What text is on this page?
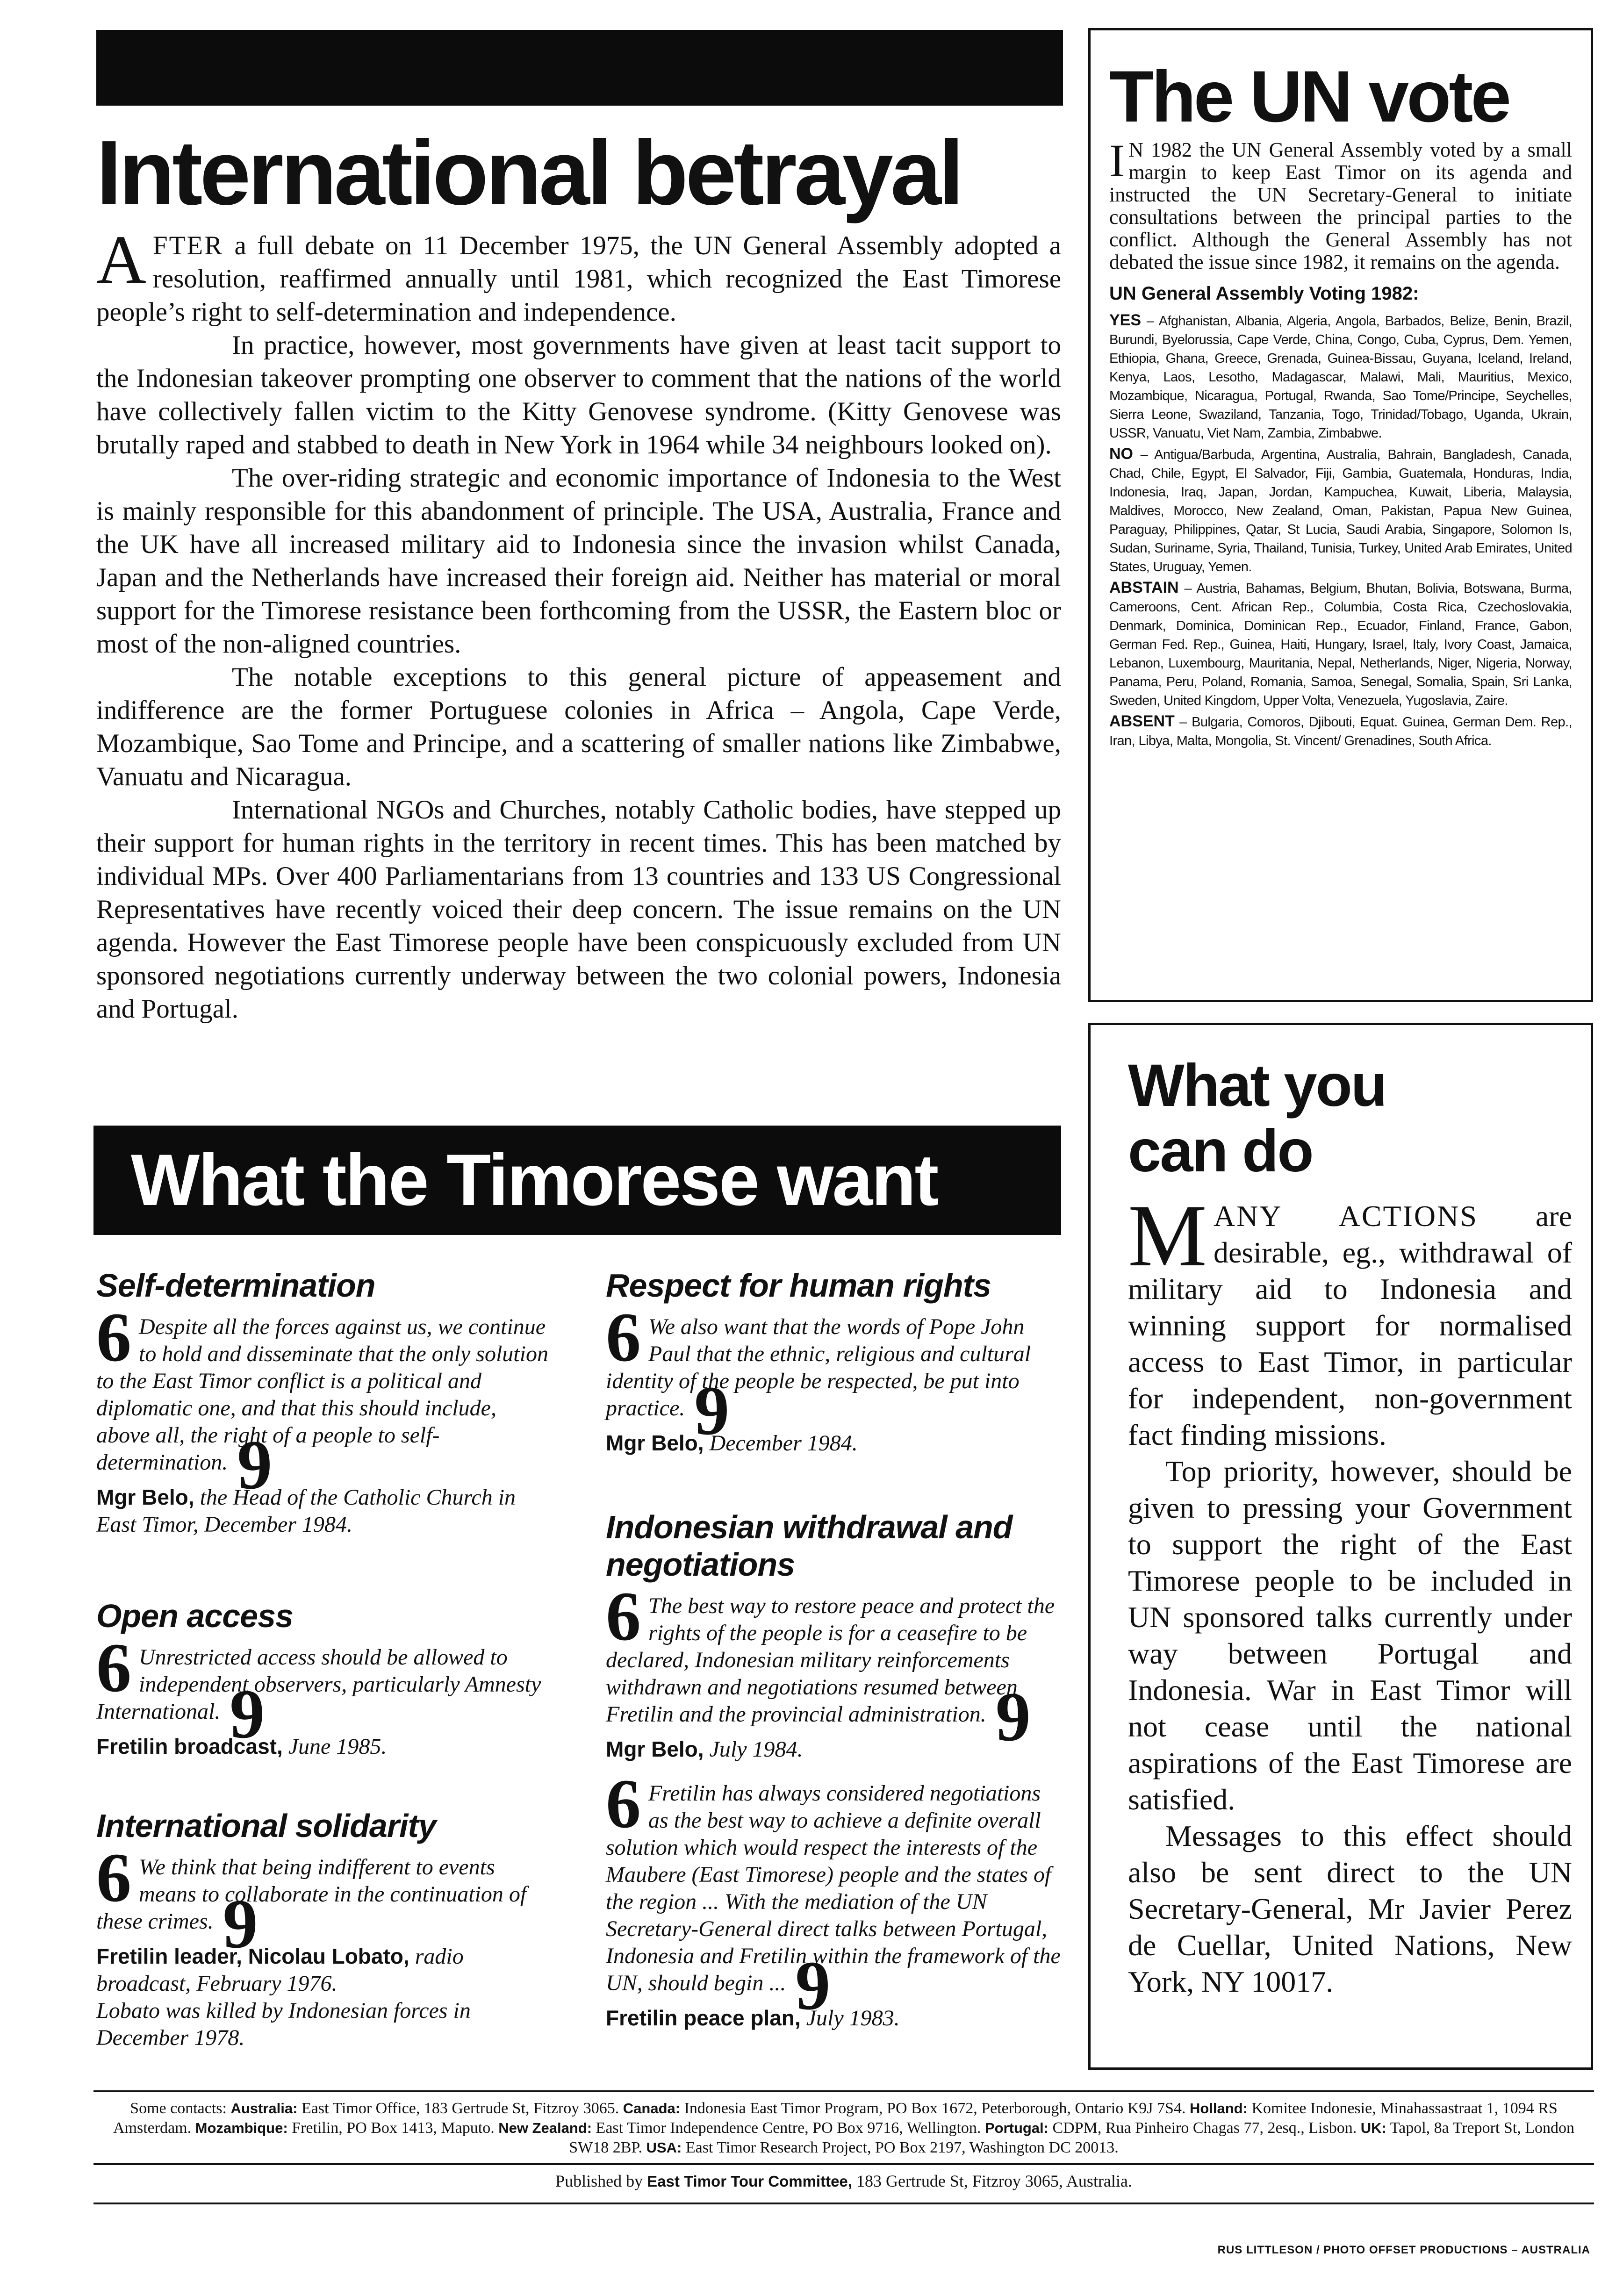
International betrayal

AFTER a full debate on 11 December 1975, the UN General Assembly adopted a resolution, reaffirmed annually until 1981, which recognized the East Timorese people’s right to self-determination and independence.

In practice, however, most governments have given at least tacit support to the Indonesian takeover prompting one observer to comment that the nations of the world have collectively fallen victim to the Kitty Genovese syndrome. (Kitty Genovese was brutally raped and stabbed to death in New York in 1964 while 34 neighbours looked on).

The over-riding strategic and economic importance of Indonesia to the West is mainly responsible for this abandonment of principle. The USA, Australia, France and the UK have all increased military aid to Indonesia since the invasion whilst Canada, Japan and the Netherlands have increased their foreign aid. Neither has material or moral support for the Timorese resistance been forthcoming from the USSR, the Eastern bloc or most of the non-aligned countries.

The notable exceptions to this general picture of appeasement and indifference are the former Portuguese colonies in Africa – Angola, Cape Verde, Mozambique, Sao Tome and Principe, and a scattering of smaller nations like Zimbabwe, Vanuatu and Nicaragua.

International NGOs and Churches, notably Catholic bodies, have stepped up their support for human rights in the territory in recent times. This has been matched by individual MPs. Over 400 Parliamentarians from 13 countries and 133 US Congressional Representatives have recently voiced their deep concern. The issue remains on the UN agenda. However the East Timorese people have been conspicuously excluded from UN sponsored negotiations currently underway between the two colonial powers, Indonesia and Portugal.

What the Timorese want
Self-determination

6 Despite all the forces against us, we continue to hold and disseminate that the only solution to the East Timor conflict is a political and diplomatic one, and that this should include, above all, the right of a people to self-determination. 9

Mgr Belo, the Head of the Catholic Church in East Timor, December 1984.

Open access

6 Unrestricted access should be allowed to independent observers, particularly Amnesty International. 9

Fretilin broadcast, June 1985.

International solidarity

6 We think that being indifferent to events means to collaborate in the continuation of these crimes. 9

Fretilin leader, Nicolau Lobato, radio broadcast, February 1976.

Lobato was killed by Indonesian forces in December 1978.

Respect for human rights

6 We also want that the words of Pope John Paul that the ethnic, religious and cultural identity of the people be respected, be put into practice. 9

Mgr Belo, December 1984.

Indonesian withdrawal and negotiations

6 The best way to restore peace and protect the rights of the people is for a ceasefire to be declared, Indonesian military reinforcements withdrawn and negotiations resumed between Fretilin and the provincial administration. 9

Mgr Belo, July 1984.

6 Fretilin has always considered negotiations as the best way to achieve a definite overall solution which would respect the interests of the Maubere (East Timorese) people and the states of the region ... With the mediation of the UN Secretary-General direct talks between Portugal, Indonesia and Fretilin within the framework of the UN, should begin ... 9

Fretilin peace plan, July 1983.

The UN vote

I N 1982 the UN General Assembly voted by a small margin to keep East Timor on its agenda and instructed the UN Secretary-General to initiate consultations between the principal parties to the conflict. Although the General Assembly has not debated the issue since 1982, it remains on the agenda.

UN General Assembly Voting 1982:

YES – Afghanistan, Albania, Algeria, Angola, Barbados, Belize, Benin, Brazil, Burundi, Byelorussia, Cape Verde, China, Congo, Cuba, Cyprus, Dem. Yemen, Ethiopia, Ghana, Greece, Grenada, Guinea-Bissau, Guyana, Iceland, Ireland, Kenya, Laos, Lesotho, Madagascar, Malawi, Mali, Mauritius, Mexico, Mozambique, Nicaragua, Portugal, Rwanda, Sao Tome/Principe, Seychelles, Sierra Leone, Swaziland, Tanzania, Togo, Trinidad/Tobago, Uganda, Ukrain, USSR, Vanuatu, Viet Nam, Zambia, Zimbabwe.

NO – Antigua/Barbuda, Argentina, Australia, Bahrain, Bangladesh, Canada, Chad, Chile, Egypt, El Salvador, Fiji, Gambia, Guatemala, Honduras, India, Indonesia, Iraq, Japan, Jordan, Kampuchea, Kuwait, Liberia, Malaysia, Maldives, Morocco, New Zealand, Oman, Pakistan, Papua New Guinea, Paraguay, Philippines, Qatar, St Lucia, Saudi Arabia, Singapore, Solomon Is, Sudan, Suriname, Syria, Thailand, Tunisia, Turkey, United Arab Emirates, United States, Uruguay, Yemen.

ABSTAIN – Austria, Bahamas, Belgium, Bhutan, Bolivia, Botswana, Burma, Cameroons, Cent. African Rep., Columbia, Costa Rica, Czechoslovakia, Denmark, Dominica, Dominican Rep., Ecuador, Finland, France, Gabon, German Fed. Rep., Guinea, Haiti, Hungary, Israel, Italy, Ivory Coast, Jamaica, Lebanon, Luxembourg, Mauritania, Nepal, Netherlands, Niger, Nigeria, Norway, Panama, Peru, Poland, Romania, Samoa, Senegal, Somalia, Spain, Sri Lanka, Sweden, United Kingdom, Upper Volta, Venezuela, Yugoslavia, Zaire.

ABSENT – Bulgaria, Comoros, Djibouti, Equat. Guinea, German Dem. Rep., Iran, Libya, Malta, Mongolia, St. Vincent/ Grenadines, South Africa.

What you can do

MANY ACTIONS are desirable, eg., withdrawal of military aid to Indonesia and winning support for normalised access to East Timor, in particular for independent, non-government fact finding missions.

Top priority, however, should be given to pressing your Government to support the right of the East Timorese people to be included in UN sponsored talks currently under way between Portugal and Indonesia. War in East Timor will not cease until the national aspirations of the East Timorese are satisfied.

Messages to this effect should also be sent direct to the UN Secretary-General, Mr Javier Perez de Cuellar, United Nations, New York, NY 10017.

Some contacts: Australia: East Timor Office, 183 Gertrude St, Fitzroy 3065. Canada: Indonesia East Timor Program, PO Box 1672, Peterborough, Ontario K9J 7S4. Holland: Komitee Indonesie, Minahassastraat 1, 1094 RS Amsterdam. Mozambique: Fretilin, PO Box 1413, Maputo. New Zealand: East Timor Independence Centre, PO Box 9716, Wellington. Portugal: CDPM, Rua Pinheiro Chagas 77, 2esq., Lisbon. UK: Tapol, 8a Treport St, London SW18 2BP. USA: East Timor Research Project, PO Box 2197, Washington DC 20013.
Published by East Timor Tour Committee, 183 Gertrude St, Fitzroy 3065, Australia.
RUS LITTLESON / PHOTO OFFSET PRODUCTIONS – AUSTRALIA
